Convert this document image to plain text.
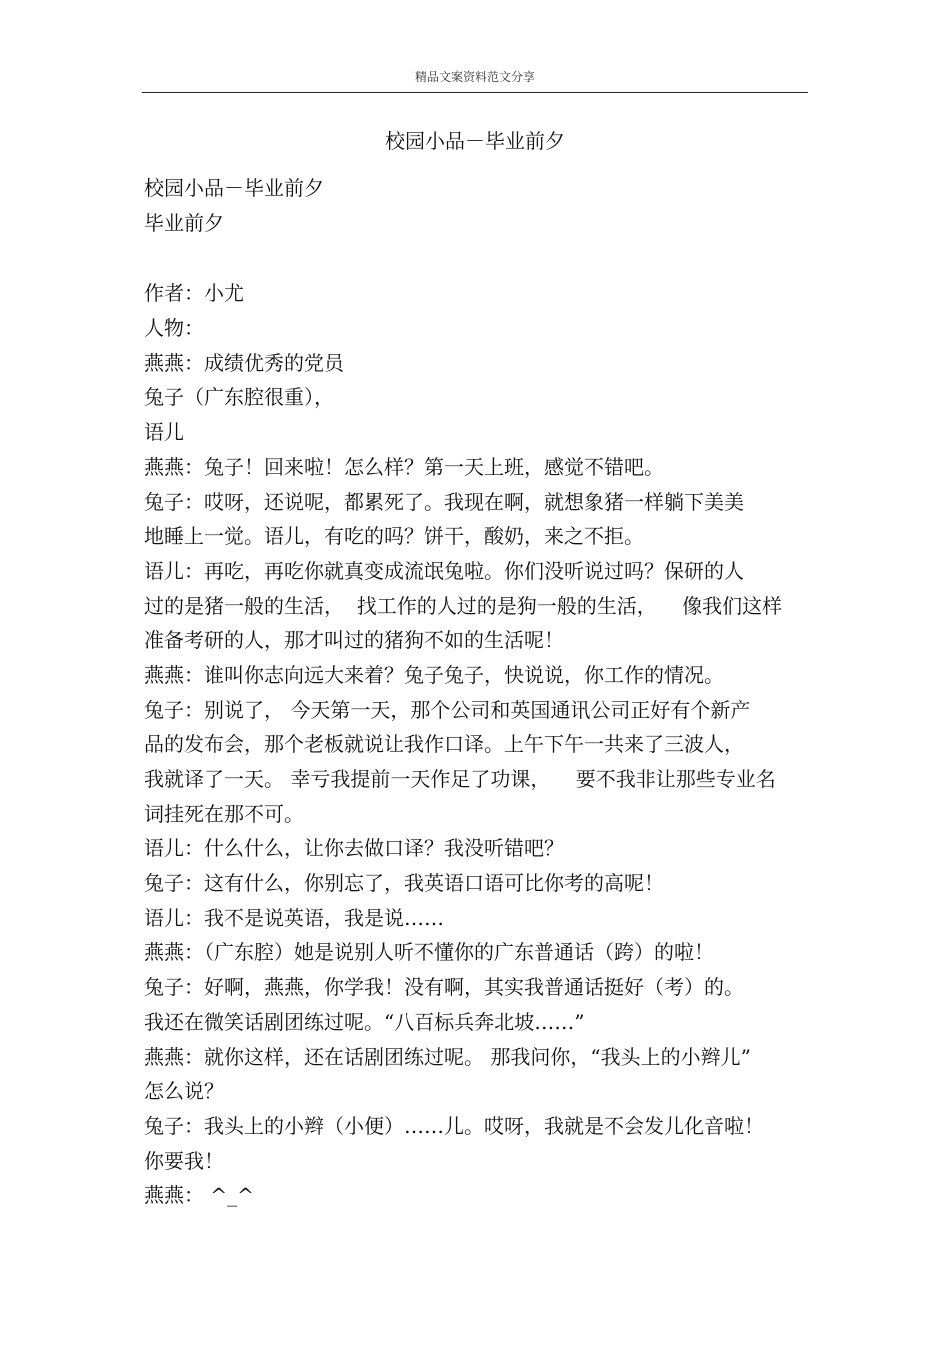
精品文案资料范文分享
校园小品－毕业前夕
校园小品－毕业前夕
毕业前夕
作者：小尤
人物：
燕燕：成绩优秀的党员
兔子（广东腔很重），
语儿
燕燕：兔子！回来啦！怎么样？第一天上班，感觉不错吧。
兔子：哎呀，还说呢，都累死了。我现在啊，就想象猪一样躺下美美
地睡上一觉。语儿，有吃的吗？饼干，酸奶，来之不拒。
语儿：再吃，再吃你就真变成流氓兔啦。你们没听说过吗？保研的人
过的是猪一般的生活，  找工作的人过的是狗一般的生活，    像我们这样
准备考研的人，那才叫过的猪狗不如的生活呢！
燕燕：谁叫你志向远大来着？兔子兔子，快说说，你工作的情况。
兔子：别说了， 今天第一天，那个公司和英国通讯公司正好有个新产
品的发布会，那个老板就说让我作口译。上午下午一共来了三波人，
我就译了一天。 幸亏我提前一天作足了功课，    要不我非让那些专业名
词挂死在那不可。
语儿：什么什么，让你去做口译？我没听错吧？
兔子：这有什么，你别忘了，我英语口语可比你考的高呢！
语儿：我不是说英语，我是说……
燕燕：（广东腔）她是说别人听不懂你的广东普通话（跨）的啦！
兔子：好啊，燕燕，你学我！没有啊，其实我普通话挺好（考）的。
我还在微笑话剧团练过呢。“八百标兵奔北坡……”
燕燕：就你这样，还在话剧团练过呢。 那我问你，“我头上的小辫儿”
怎么说？
兔子：我头上的小辫（小便）……儿。哎呀，我就是不会发儿化音啦！
你要我！
燕燕： ^_^
